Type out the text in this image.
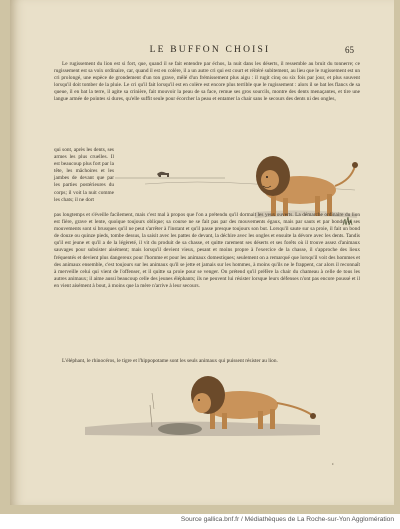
LE BUFFON CHOISI	65

Le rugissement du lion est si fort, que, quand il se fait entendre par échos, la nuit dans les déserts, il ressemble au bruit du tonnerre; ce rugissement est sa voix ordinaire, car, quand il est en colère, il a un autre cri qui est court et réitéré subitement, au lieu que le rugissement est un cri prolongé, une espèce de grondement d'un ton grave, mêlé d'un frémissement plus aigu : il rugit cinq ou six fois par jour, et plus souvent lorsqu'il doit tomber de la pluie. Le cri qu'il fait lorsqu'il est en colère est encore plus terrible que le rugissement : alors il se bat les flancs de sa queue, il en bat la terre, il agite sa crinière, fait mouvoir la peau de sa face, remue ses gros sourcils, montre des dents menaçantes, et tire une langue armée de pointes si dures, qu'elle suffit seule pour écorcher la peau et entamer la chair sans le secours des dents ni des ongles,

qui sont, après les dents, ses armes les plus cruelles. Il est beaucoup plus fort par la tête, les mâchoires et les jambes de devant que par les parties postérieures du corps; il voit la nuit comme les chats; il ne dort

pas longtemps et s'éveille facilement, mais c'est mal à propos que l'on a prétendu qu'il dormait les yeux ouverts. La démarche ordinaire du lion est fière, grave et lente, quoique toujours oblique; sa course ne se fait pas par des mouvements égaux, mais par sauts et par bonds, et ses mouvements sont si brusques qu'il ne peut s'arrêter à l'instant et qu'il passe presque toujours son but. Lorsqu'il saute sur sa proie, il fait un bond de douze ou quinze pieds, tombe dessus, la saisit avec les pattes de devant, la déchire avec les ongles et ensuite la dévore avec les dents. Tandis qu'il est jeune et qu'il a de la légèreté, il vit du produit de sa chasse, et quitte rarement ses déserts et ses forêts où il trouve assez d'animaux sauvages pour subsister aisément; mais lorsqu'il devient vieux, pesant et moins propre à l'exercice de la chasse, il s'approche des lieux fréquentés et devient plus dangereux pour l'homme et pour les animaux domestiques; seulement on a remarqué que lorsqu'il voit des hommes et des animaux ensemble, c'est toujours sur les animaux qu'il se jette et jamais sur les hommes, à moins qu'ils ne le frappent, car alors il reconnaît à merveille celui qui vient de l'offenser, et il quitte sa proie pour se venger. On prétend qu'il préfère la chair du chameau à celle de tous les autres animaux; il aime aussi beaucoup celle des jeunes éléphants; ils ne peuvent lui résister lorsque leurs défenses n'ont pas encore poussé et il en vient aisément à bout, à moins que la mère n'arrive à leur secours.

L'éléphant, le rhinocéros, le tigre et l'hippopotame sont les seuls animaux qui puissent résister au lion.

ᵍ
Source gallica.bnf.fr / Médiathèques de La Roche-sur-Yon Agglomération
